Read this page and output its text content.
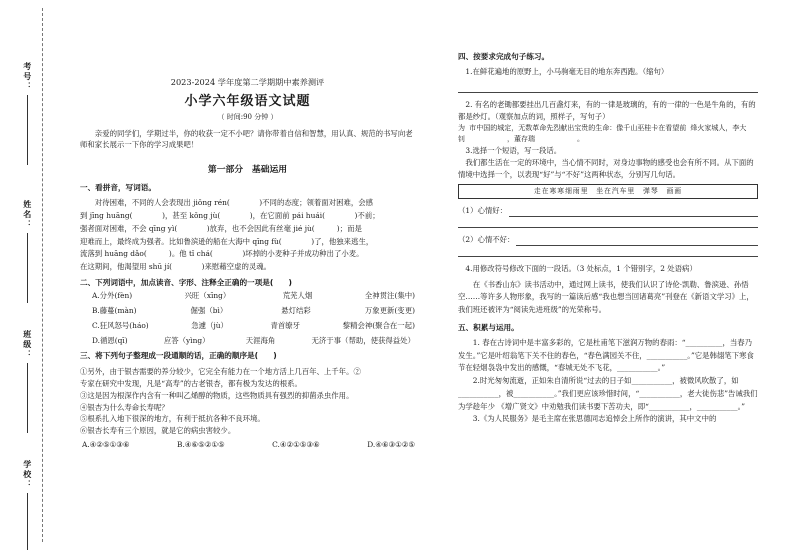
考号：
姓名：
班级：
学校：
2023-2024 学年度第二学期期中素养测评
小学六年级语文试题
（ 时间:90 分钟 ）
亲爱的同学们，学期过半，你的收获一定不小吧？请你带着自信和智慧，用认真、规范的书写向老师和家长展示一下你的学习成果吧！
第一部分　基础运用
一、看拼音，写词语。
对待困难，不同的人会表现出 jiǒng rén(　　　　)不同的态度；领着面对困难，会感
到 jīng huāng(　　　　)，甚至 kǒng jù(　　　　)，在它面前 pái huái(　　　　)不前；
强者面对困难，不会 qīng yì(　　　　)放弃，也不会因此有丝毫 jié jù(　　　)；而是
迎难而上，最终成为强者。比如鲁滨逊的船在大海中 qīng fù(　　　　)了，他独来逃生，
流落到 huāng dǎo(　　　)。他 tǐ chá(　　　　)坏掉的小麦种子并成功种出了小麦。
在这期间，他渴望用 shū jí(　　　　)来慰藉空虚的灵魂。
二、下列词语中，加点读音、字形、注释全正确的一项是(　　)
A.分外(fèn)	兴旺（xīng）	荒芜人烟	全神贯注(集中)
B.藤蔓(màn)	倔强（bì）	悬灯结彩	万象更新(变更)
C.狂风怒号(háo)	急遽（jù）	青首缭牙	黎精会神(聚合在一起)
D.循恩(qī)	应答（yìng）	天涯海角	无济于事（帮助，使获得益处）
三、将下列句子整理成一段通顺的话，正确的顺序是(　　)
①另外，由于银杏需要的养分较少，它完全有能力在一个地方活上几百年、上千年。②
专家在研究中发现，凡是“高寿”的古老银杏，都有极为发达的根系。
③这是因为根深作内含有一种叫乙烯醇的物质，这些物质具有强烈的抑菌杀虫作用。
④银杏为什么寿命长寿呢？
⑤根系扎入地下很深的地方，有利于抵抗各种不良环境。
⑥银杏长寿有三个原因，就是它的病虫害较少。
A.④②⑤①③⑥	B.④⑥⑤②①⑤	C.④②①⑤③⑥	D.④⑥③①②⑤
四、按要求完成句子练习。
1.在鲜花遍地的原野上，小马驹毫无目的地东奔西跑。（缩句）
2. 有名的老锄都要挂出几百盏灯来，有的一律是玻璃的，有的一律的一色是牛角的，有的都是纱灯。（观察加点的词，照样子，写句子）
为 市中国的城定，无数革命先烈献出宝贵的生命：像千山巫桂卡在看望前 烽火家城人，李大钊　　　　　　，董存瑞　　　　　　。
3.选择一个短语，写一段话。
我们都生活在一定的环境中，当心情不同时，对身边事物的感受也会有所不同。从下面的情境中选择一个，以表现“好”与“不好”这两种状态，分别写几句话。
走在寒寒细雨里　坐在汽车里　弹琴　画画
（1）心情好：
（2）心情不好：
4.用修改符号修改下面的一段话。（3 处标点，1 个错别字，2 处语病）
在《书香山东》读书活动中，通过网上读书，使我们认识了诗伦·凯勒、鲁滨逊、孙悟空……等许多人物形象，我写的一篇读后感“我也想当回诸葛亮”刊登在《新语文学习》上，我们班还被评为“阅读先进班级”的光荣称号。
五、积累与运用。
1. 春在古诗词中是丰富多彩的，它是杜甫笔下滋润万物的春雨：“__________，当春乃发生。”它是叶绍翁笔下关不住的春色，“春色满园关不住，___________。”它是韩翃笔下寒食节在轻烟袅袅中发出的感慨，“春城无处不飞花，___________。”
2.时光匆匆流逝，正如朱自清所说“过去的日子如___________，被微风吹散了，如___________，被___________。”我们更应该珍惜时间，“___________，老大徒伤悲”告诫我们为学趁年少 《增广贤文》中劝勉我们读书要下苦功夫，即“___________，___________。”
3.《为人民服务》是毛主席在张思德同志追悼会上所作的演讲，其中文中的
